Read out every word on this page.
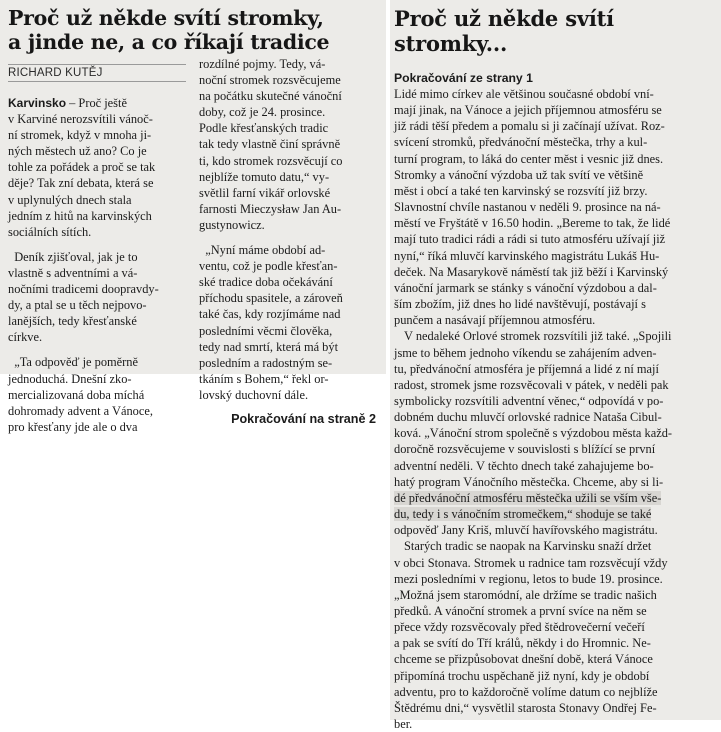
Proč už někde svítí stromky,
a jinde ne, a co říkají tradice
RICHARD KUTĚJ

Karvinsko – Proč ještě
v Karviné nerozsvítili vánoč-
ní stromek, když v mnoha ji-
ných městech už ano? Co je
tohle za pořádek a proč se tak
děje? Tak zní debata, která se
v uplynulých dnech stala
jedním z hitů na karvinských
sociálních sítích.

Deník zjišťoval, jak je to
vlastně s adventními a vá-
nočními tradicemi doopravdy-
dy, a ptal se u těch nejpovo-
lanějších, tedy křesťanské
církve.

„Ta odpověď je poměrně
jednoduchá. Dnešní zko-
mercializovaná doba míchá
dohromady advent a Vánoce,
pro křesťany jde ale o dva

rozdílné pojmy. Tedy, vá-
noční stromek rozsvěcujeme
na počátku skutečné vánoční
doby, což je 24. prosince.
Podle křesťanských tradic
tak tedy vlastně činí správně
ti, kdo stromek rozsvěcují co
nejblíže tomuto datu,“ vy-
světlil farní vikář orlovské
farnosti Mieczysław Jan Au-
gustynowicz.

„Nyní máme období ad-
ventu, což je podle křesťan-
ské tradice doba očekávání
příchodu spasitele, a zároveň
také čas, kdy rozjímáme nad
posledními věcmi člověka,
tedy nad smrtí, která má být
posledním a radostným se-
tkáním s Bohem,“ řekl or-
lovský duchovní dále.

Pokračování na straně 2

Proč už někde svítí
stromky...
Pokračování ze strany 1

Lidé mimo církev ale většinou současné období vní-
mají jinak, na Vánoce a jejich příjemnou atmosféru se
již rádi těší předem a pomalu si ji začínají užívat. Roz-
svícení stromků, předvánoční městečka, trhy a kul-
turní program, to láká do center měst i vesnic již dnes.
Stromky a vánoční výzdoba už tak svítí ve většině
měst i obcí a také ten karvinský se rozsvítí již brzy.
Slavnostní chvíle nastanou v neděli 9. prosince na ná-
městí ve Fryštátě v 16.50 hodin. „Bereme to tak, že lidé
mají tuto tradici rádi a rádi si tuto atmosféru užívají již
nyní,“ říká mluvčí karvinského magistrátu Lukáš Hu-
deček. Na Masarykově náměstí tak již běží i Karvinský
vánoční jarmark se stánky s vánoční výzdobou a dal-
ším zbožím, již dnes ho lidé navštěvují, postávají s
punčem a nasávají příjemnou atmosféru.

V nedaleké Orlové stromek rozsvítili již také. „Spojili
jsme to během jednoho víkendu se zahájením adven-
tu, předvánoční atmosféra je příjemná a lidé z ní mají
radost, stromek jsme rozsvěcovali v pátek, v neděli pak
symbolicky rozsvítili adventní věnec,“ odpovídá v po-
dobném duchu mluvčí orlovské radnice Nataša Cibul-
ková. „Vánoční strom společně s výzdobou města každ-
doročně rozsvěcujeme v souvislosti s blížící se první
adventní neděli. V těchto dnech také zahajujeme bo-
hatý program Vánočního městečka. Chceme, aby si li-
dé předvánoční atmosféru městečka užili se vším vše-
du, tedy i s vánočním stromečkem,“ shoduje se také
odpověď Jany Kriš, mluvčí havířovského magistrátu.

Starých tradic se naopak na Karvinsku snaží držet
v obci Stonava. Stromek u radnice tam rozsvěcují vždy
mezi posledními v regionu, letos to bude 19. prosince.
„Možná jsem staromódní, ale držíme se tradic našich
předků. A vánoční stromek a první svíce na něm se
přece vždy rozsvěcovaly před štědrovečerní večeří
a pak se svítí do Tří králů, někdy i do Hromnic. Ne-
chceme se přizpůsobovat dnešní době, která Vánoce
připomíná trochu uspěchaně již nyní, kdy je období
adventu, pro to každoročně volíme datum co nejblíže
Štědrému dni,“ vysvětlil starosta Stonavy Ondřej Fe-
ber.
